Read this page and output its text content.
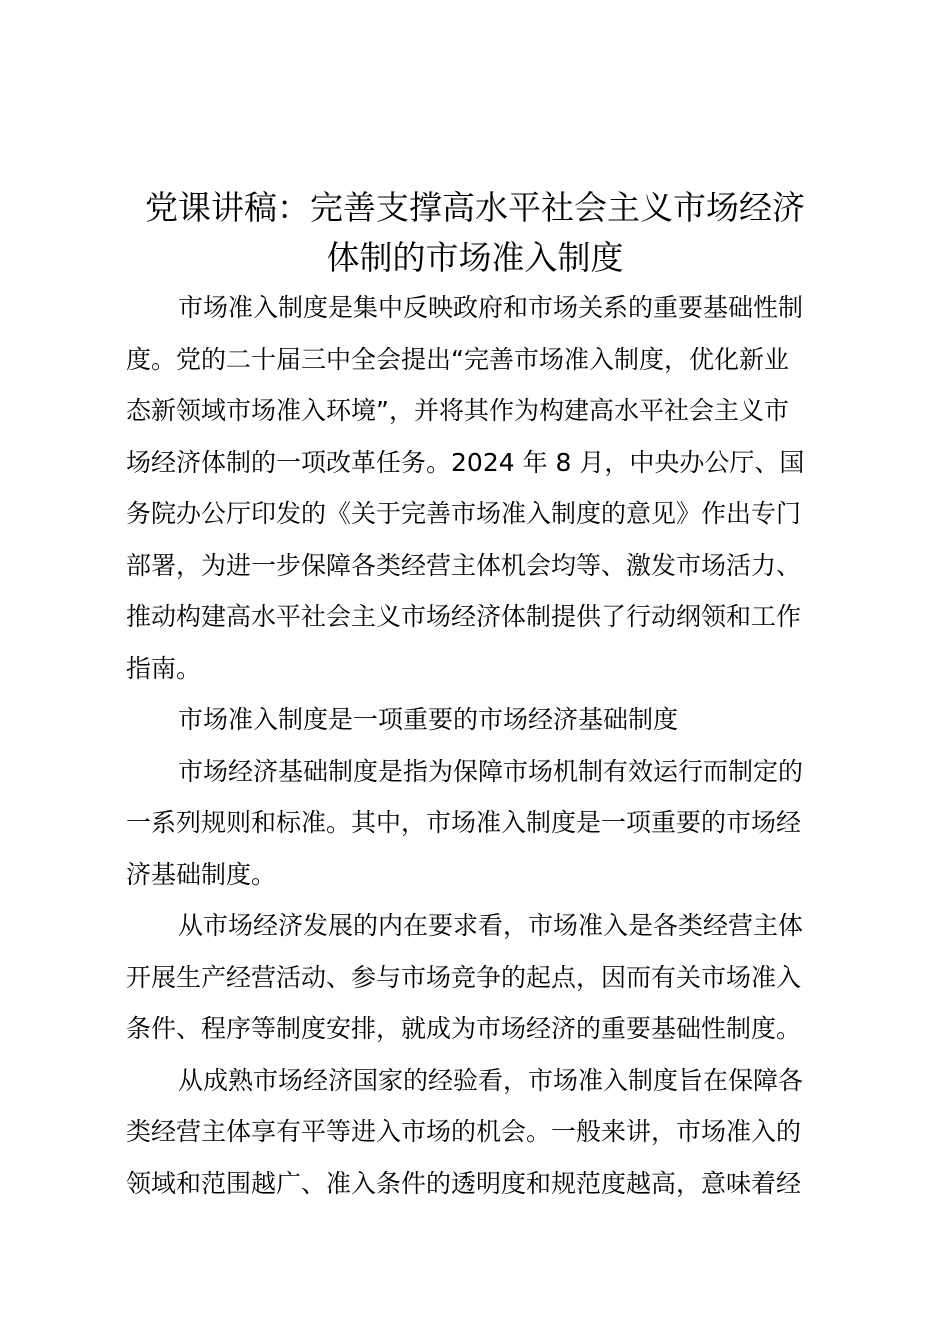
党课讲稿：完善支撑高水平社会主义市场经济
体制的市场准入制度

市场准入制度是集中反映政府和市场关系的重要基础性制
度。党的二十届三中全会提出“完善市场准入制度，优化新业
态新领域市场准入环境”，并将其作为构建高水平社会主义市
场经济体制的一项改革任务。2024 年 8 月，中央办公厅、国
务院办公厅印发的《关于完善市场准入制度的意见》作出专门
部署，为进一步保障各类经营主体机会均等、激发市场活力、
推动构建高水平社会主义市场经济体制提供了行动纲领和工作
指南。

市场准入制度是一项重要的市场经济基础制度

市场经济基础制度是指为保障市场机制有效运行而制定的
一系列规则和标准。其中，市场准入制度是一项重要的市场经
济基础制度。

从市场经济发展的内在要求看，市场准入是各类经营主体
开展生产经营活动、参与市场竞争的起点，因而有关市场准入
条件、程序等制度安排，就成为市场经济的重要基础性制度。

从成熟市场经济国家的经验看，市场准入制度旨在保障各
类经营主体享有平等进入市场的机会。一般来讲，市场准入的
领域和范围越广、准入条件的透明度和规范度越高，意味着经
